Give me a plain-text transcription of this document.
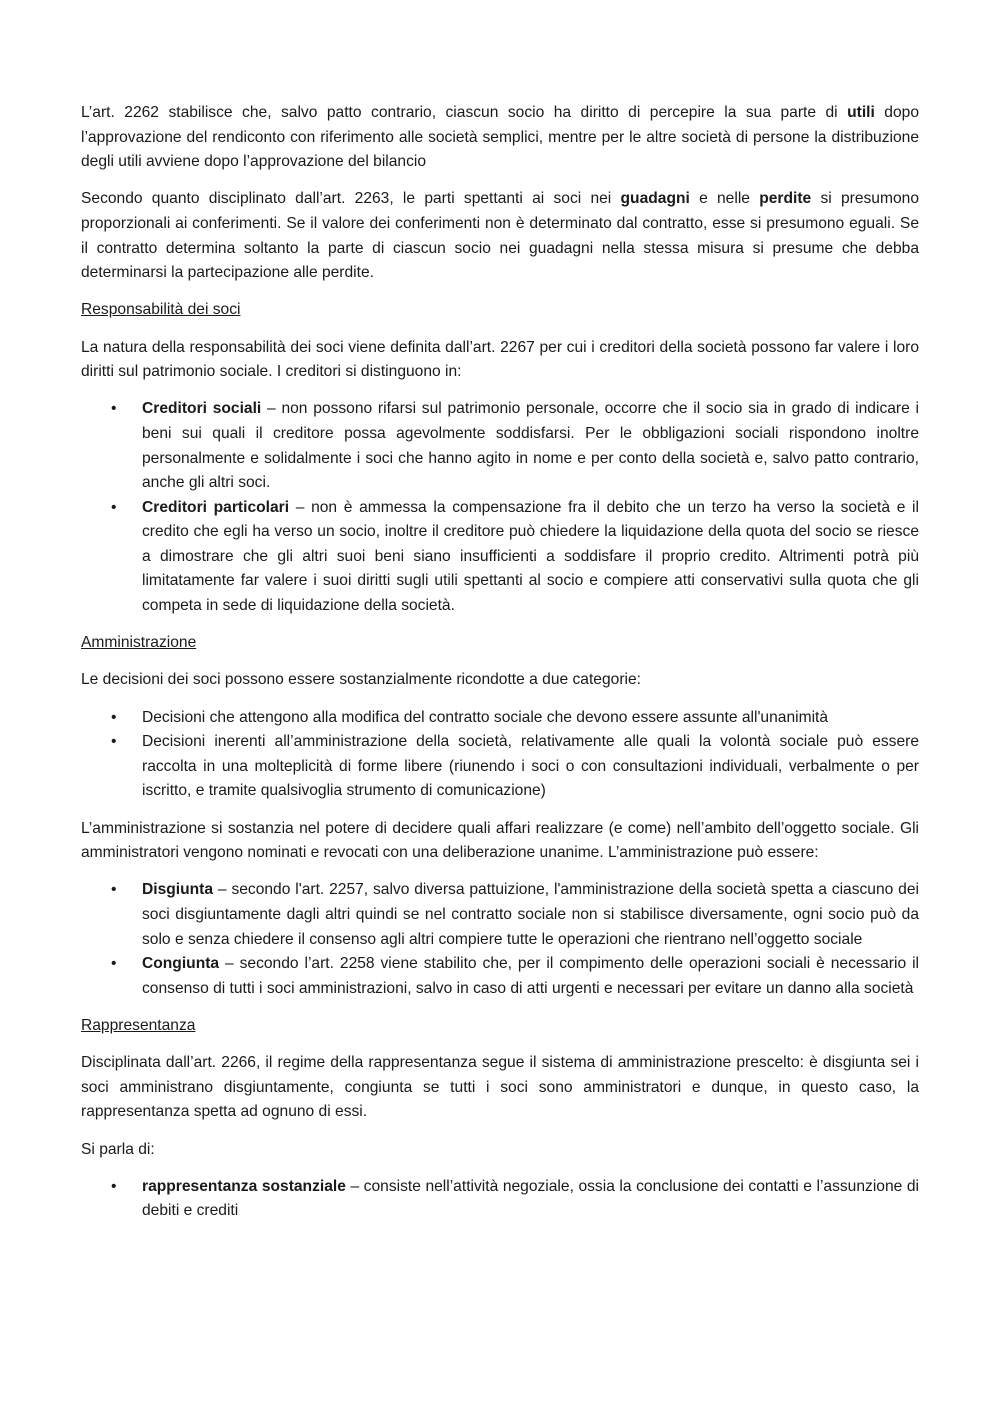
L’art. 2262 stabilisce che, salvo patto contrario, ciascun socio ha diritto di percepire la sua parte di utili dopo l’approvazione del rendiconto con riferimento alle società semplici, mentre per le altre società di persone la distribuzione degli utili avviene dopo l’approvazione del bilancio

Secondo quanto disciplinato dall’art. 2263, le parti spettanti ai soci nei guadagni e nelle perdite si presumono proporzionali ai conferimenti. Se il valore dei conferimenti non è determinato dal contratto, esse si presumono eguali. Se il contratto determina soltanto la parte di ciascun socio nei guadagni nella stessa misura si presume che debba determinarsi la partecipazione alle perdite.

Responsabilità dei soci

La natura della responsabilità dei soci viene definita dall’art. 2267 per cui i creditori della società possono far valere i loro diritti sul patrimonio sociale. I creditori si distinguono in:

• Creditori sociali – non possono rifarsi sul patrimonio personale, occorre che il socio sia in grado di indicare i beni sui quali il creditore possa agevolmente soddisfarsi. Per le obbligazioni sociali rispondono inoltre personalmente e solidalmente i soci che hanno agito in nome e per conto della società e, salvo patto contrario, anche gli altri soci.
• Creditori particolari – non è ammessa la compensazione fra il debito che un terzo ha verso la società e il credito che egli ha verso un socio, inoltre il creditore può chiedere la liquidazione della quota del socio se riesce a dimostrare che gli altri suoi beni siano insufficienti a soddisfare il proprio credito. Altrimenti potrà più limitatamente far valere i suoi diritti sugli utili spettanti al socio e compiere atti conservativi sulla quota che gli competa in sede di liquidazione della società.

Amministrazione

Le decisioni dei soci possono essere sostanzialmente ricondotte a due categorie:

• Decisioni che attengono alla modifica del contratto sociale che devono essere assunte all'unanimità
• Decisioni inerenti all’amministrazione della società, relativamente alle quali la volontà sociale può essere raccolta in una molteplicità di forme libere (riunendo i soci o con consultazioni individuali, verbalmente o per iscritto, e tramite qualsivoglia strumento di comunicazione)

L’amministrazione si sostanzia nel potere di decidere quali affari realizzare (e come) nell’ambito dell’oggetto sociale. Gli amministratori vengono nominati e revocati con una deliberazione unanime. L’amministrazione può essere:

• Disgiunta – secondo l'art. 2257, salvo diversa pattuizione, l'amministrazione della società spetta a ciascuno dei soci disgiuntamente dagli altri quindi se nel contratto sociale non si stabilisce diversamente, ogni socio può da solo e senza chiedere il consenso agli altri compiere tutte le operazioni che rientrano nell’oggetto sociale
• Congiunta – secondo l’art. 2258 viene stabilito che, per il compimento delle operazioni sociali è necessario il consenso di tutti i soci amministrazioni, salvo in caso di atti urgenti e necessari per evitare un danno alla società

Rappresentanza

Disciplinata dall’art. 2266, il regime della rappresentanza segue il sistema di amministrazione prescelto: è disgiunta sei i soci amministrano disgiuntamente, congiunta se tutti i soci sono amministratori e dunque, in questo caso, la rappresentanza spetta ad ognuno di essi.

Si parla di:

• rappresentanza sostanziale – consiste nell’attività negoziale, ossia la conclusione dei contatti e l’assunzione di debiti e crediti
